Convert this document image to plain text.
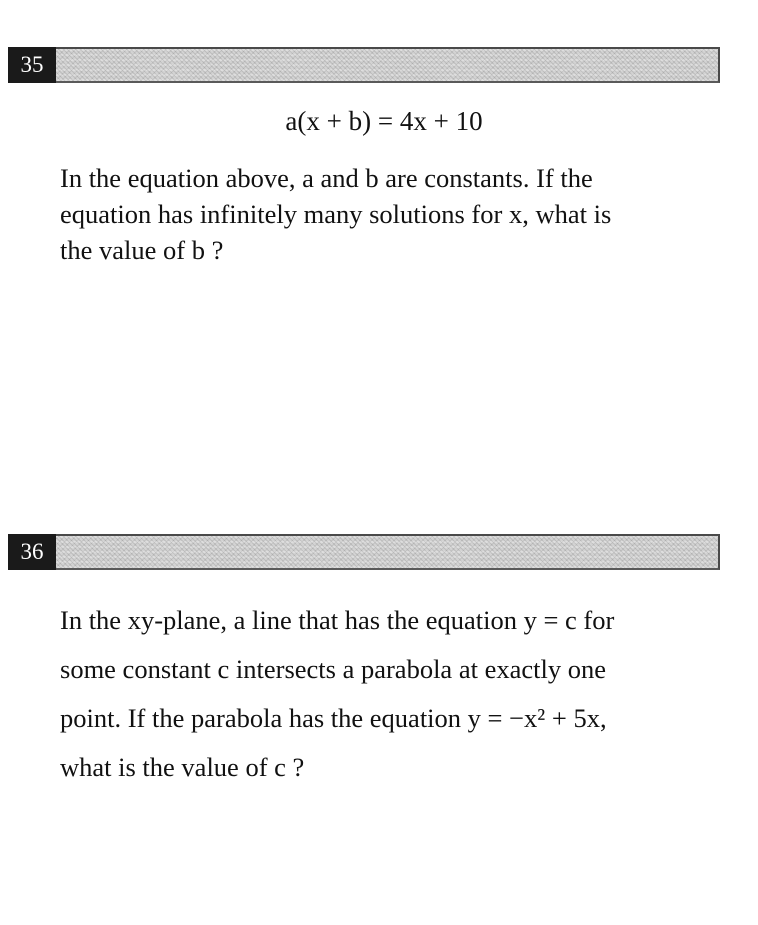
35
a(x + b) = 4x + 10

In the equation above, a and b are constants. If the
equation has infinitely many solutions for x, what is
the value of b ?

36

In the xy-plane, a line that has the equation y = c for
some constant c intersects a parabola at exactly one
point. If the parabola has the equation y = −x² + 5x,
what is the value of c ?
